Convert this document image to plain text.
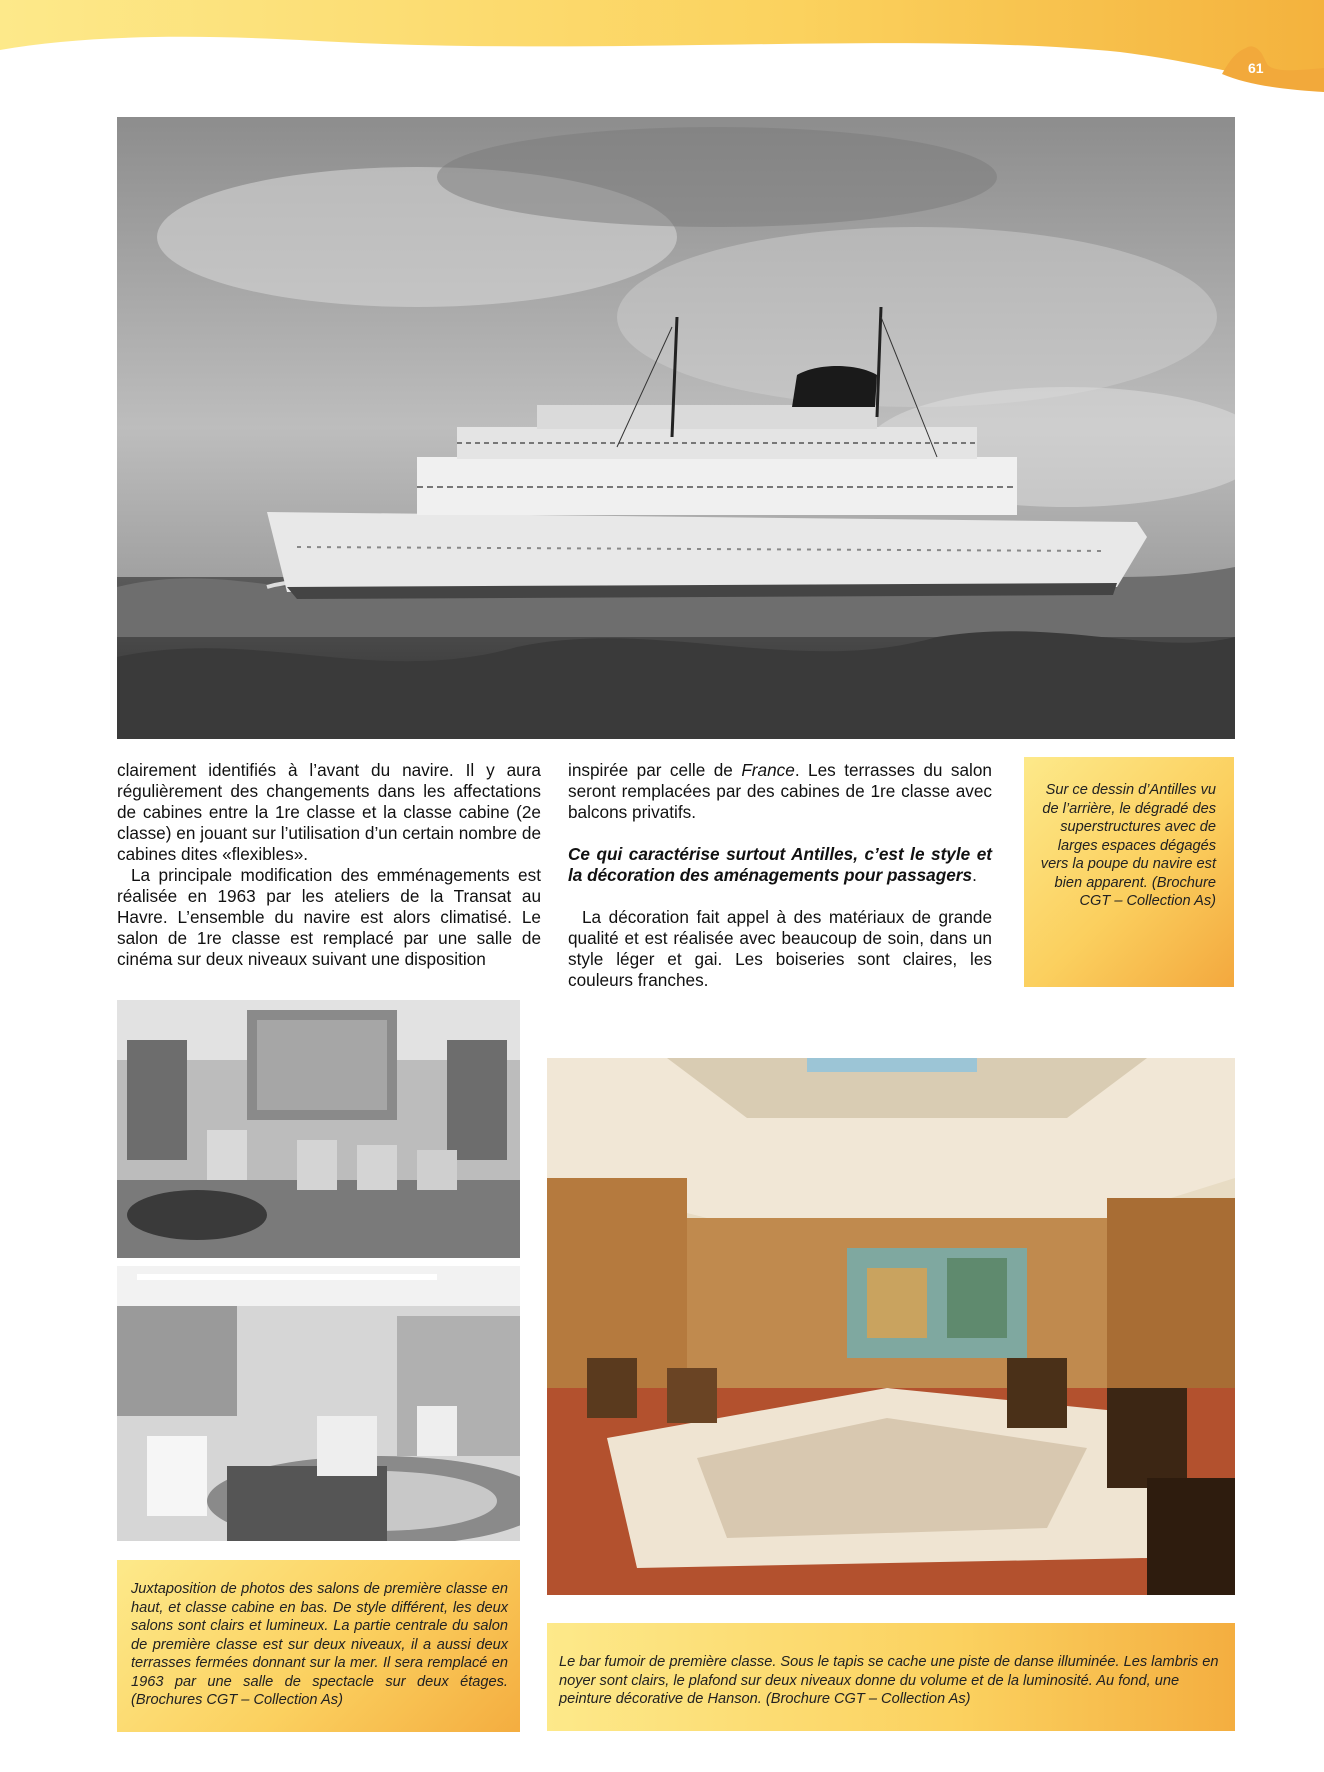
61

clairement identifiés à l’avant du navire. Il y aura régulièrement des changements dans les affectations de cabines entre la 1re classe et la classe cabine (2e classe) en jouant sur l’utilisation d’un certain nombre de cabines dites «flexibles».

La principale modification des emménagements est réalisée en 1963 par les ateliers de la Transat au Havre. L’ensemble du navire est alors climatisé. Le salon de 1re classe est remplacé par une salle de cinéma sur deux niveaux suivant une disposition

inspirée par celle de France. Les terrasses du salon seront remplacées par des cabines de 1re classe avec balcons privatifs.

Ce qui caractérise surtout Antilles, c’est le style et la décoration des aménagements pour passagers.

La décoration fait appel à des matériaux de grande qualité et est réalisée avec beaucoup de soin, dans un style léger et gai. Les boiseries sont claires, les couleurs franches.

Sur ce dessin d’Antilles vu de l’arrière, le dégradé des superstructures avec de larges espaces dégagés vers la poupe du navire est bien apparent. (Brochure CGT – Collection As)
Juxtaposition de photos des salons de première classe en haut, et classe cabine en bas. De style différent, les deux salons sont clairs et lumineux. La partie centrale du salon de première classe est sur deux niveaux, il a aussi deux terrasses fermées donnant sur la mer. Il sera remplacé en 1963 par une salle de spectacle sur deux étages. (Brochures CGT – Collection As)
Le bar fumoir de première classe. Sous le tapis se cache une piste de danse illuminée. Les lambris en noyer sont clairs, le plafond sur deux niveaux donne du volume et de la luminosité. Au fond, une peinture décorative de Hanson. (Brochure CGT – Collection As)
